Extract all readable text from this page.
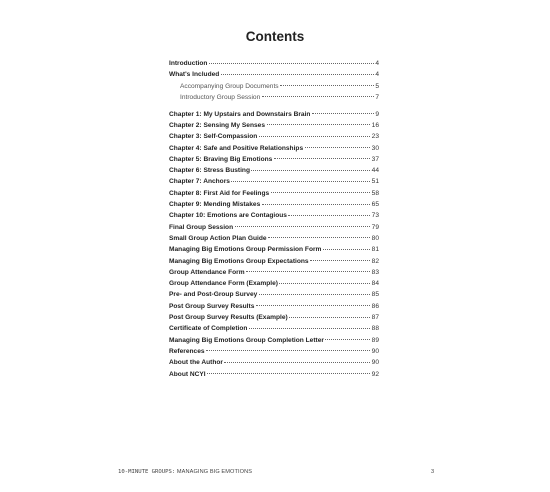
Contents
Introduction	4
What's Included	4
Accompanying Group Documents	5
Introductory Group Session	7
Chapter 1: My Upstairs and Downstairs Brain	9
Chapter 2: Sensing My Senses	16
Chapter 3: Self-Compassion	23
Chapter 4: Safe and Positive Relationships	30
Chapter 5: Braving Big Emotions	37
Chapter 6: Stress Busting	44
Chapter 7: Anchors	51
Chapter 8: First Aid for Feelings	58
Chapter 9: Mending Mistakes	65
Chapter 10: Emotions are Contagious	73
Final Group Session	79
Small Group Action Plan Guide	80
Managing Big Emotions Group Permission Form	81
Managing Big Emotions Group Expectations	82
Group Attendance Form	83
Group Attendance Form (Example)	84
Pre- and Post-Group Survey	85
Post Group Survey Results	86
Post Group Survey Results (Example)	87
Certificate of Completion	88
Managing Big Emotions Group Completion Letter	89
References	90
About the Author	90
About NCYI	92
10-MINUTE GROUPS: MANAGING BIG EMOTIONS	3
